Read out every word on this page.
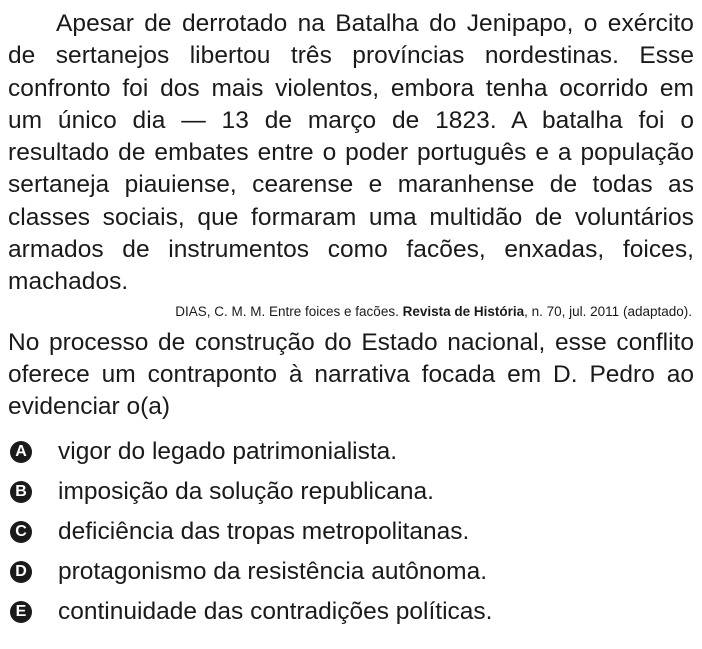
Apesar de derrotado na Batalha do Jenipapo, o exército de sertanejos libertou três províncias nordestinas. Esse confronto foi dos mais violentos, embora tenha ocorrido em um único dia — 13 de março de 1823. A batalha foi o resultado de embates entre o poder português e a população sertaneja piauiense, cearense e maranhense de todas as classes sociais, que formaram uma multidão de voluntários armados de instrumentos como facões, enxadas, foices, machados.

DIAS, C. M. M. Entre foices e facões. Revista de História, n. 70, jul. 2011 (adaptado).

No processo de construção do Estado nacional, esse conflito oferece um contraponto à narrativa focada em D. Pedro ao evidenciar o(a)

A vigor do legado patrimonialista.
B imposição da solução republicana.
C deficiência das tropas metropolitanas.
D protagonismo da resistência autônoma.
E continuidade das contradições políticas.
